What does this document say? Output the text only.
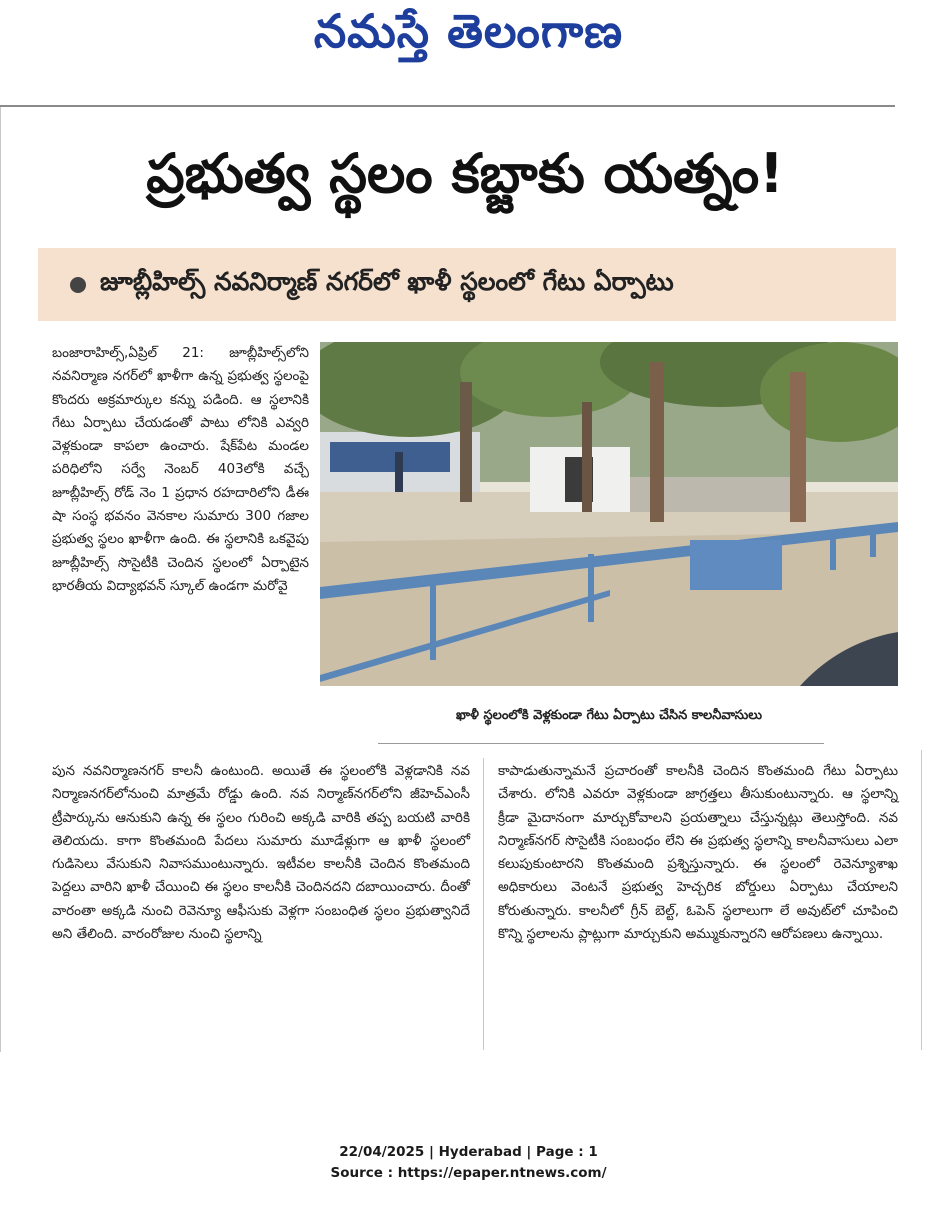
నమస్తే తెలంగాణ
ప్రభుత్వ స్థలం కబ్జాకు యత్నం!
జూబ్లీహిల్స్ నవనిర్మాణ్ నగర్‌లో ఖాళీ స్థలంలో గేటు ఏర్పాటు
ఖాళీ స్థలంలోకి వెళ్లకుండా గేటు ఏర్పాటు చేసిన కాలనీవాసులు
బంజారాహిల్స్,ఏప్రిల్ 21: జూబ్లీహిల్స్‌లోని నవనిర్మాణ నగర్‌లో ఖాళీగా ఉన్న ప్రభుత్వ స్థలంపై కొందరు అక్రమార్కుల కన్ను పడింది. ఆ స్థలానికి గేటు ఏర్పాటు చేయడంతో పాటు లోనికి ఎవ్వరి వెళ్లకుండా కాపలా ఉంచారు. షేక్‌పేట మండల పరిధిలోని సర్వే నెంబర్ 403లోకి వచ్చే జూబ్లీహిల్స్ రోడ్ నెం 1 ప్రధాన రహదారిలోని డీఈ షా సంస్థ భవనం వెనకాల సుమారు 300 గజాల ప్రభుత్వ స్థలం ఖాళీగా ఉంది. ఈ స్థలానికి ఒకవైపు జూబ్లీహిల్స్ సొసైటీకి చెందిన స్థలంలో ఏర్పాటైన భారతీయ విద్యాభవన్ స్కూల్ ఉండగా మరోవై
పున నవనిర్మాణనగర్ కాలనీ ఉంటుంది. అయితే ఈ స్థలంలోకి వెళ్లడానికి నవ నిర్మాణనగర్‌లోనుంచి మాత్రమే రోడ్డు ఉంది. నవ నిర్మాణ్‌నగర్‌లోని జీహెచ్‌ఎంసీ ట్రీపార్కును ఆనుకుని ఉన్న ఈ స్థలం గురించి అక్కడి వారికి తప్ప బయటి వారికి తెలియదు. కాగా కొంతమంది పేదలు సుమారు మూడేళ్లుగా ఆ ఖాళీ స్థలంలో గుడిసెలు వేసుకుని నివాసముంటున్నారు. ఇటీవల కాలనీకి చెందిన కొంతమంది పెద్దలు వారిని ఖాళీ చేయించి ఈ స్థలం కాలనీకి చెందినదని దబాయించారు. దీంతో వారంతా అక్కడి నుంచి రెవెన్యూ ఆఫీసుకు వెళ్లగా సంబంధిత స్థలం ప్రభుత్వానిదే అని తేలింది. వారంరోజుల నుంచి స్థలాన్ని
కాపాడుతున్నామనే ప్రచారంతో కాలనీకి చెందిన కొంతమంది గేటు ఏర్పాటు చేశారు. లోనికి ఎవరూ వెళ్లకుండా జాగ్రత్తలు తీసుకుంటున్నారు. ఆ స్థలాన్ని క్రీడా మైదానంగా మార్చుకోవాలని ప్రయత్నాలు చేస్తున్నట్లు తెలుస్తోంది. నవ నిర్మాణ్‌నగర్ సొసైటీకి సంబంధం లేని ఈ ప్రభుత్వ స్థలాన్ని కాలనీవాసులు ఎలా కలుపుకుంటారని కొంతమంది ప్రశ్నిస్తున్నారు. ఈ స్థలంలో రెవెన్యూశాఖ అధికారులు వెంటనే ప్రభుత్వ హెచ్చరిక బోర్డులు ఏర్పాటు చేయాలని కోరుతున్నారు. కాలనీలో గ్రీన్ బెల్ట్, ఓపెన్ స్థలాలుగా లే అవుట్‌లో చూపించి కొన్ని స్థలాలను ప్లాట్లుగా మార్చుకుని అమ్ముకున్నారని ఆరోపణలు ఉన్నాయి.
22/04/2025 | Hyderabad | Page : 1
Source : https://epaper.ntnews.com/
